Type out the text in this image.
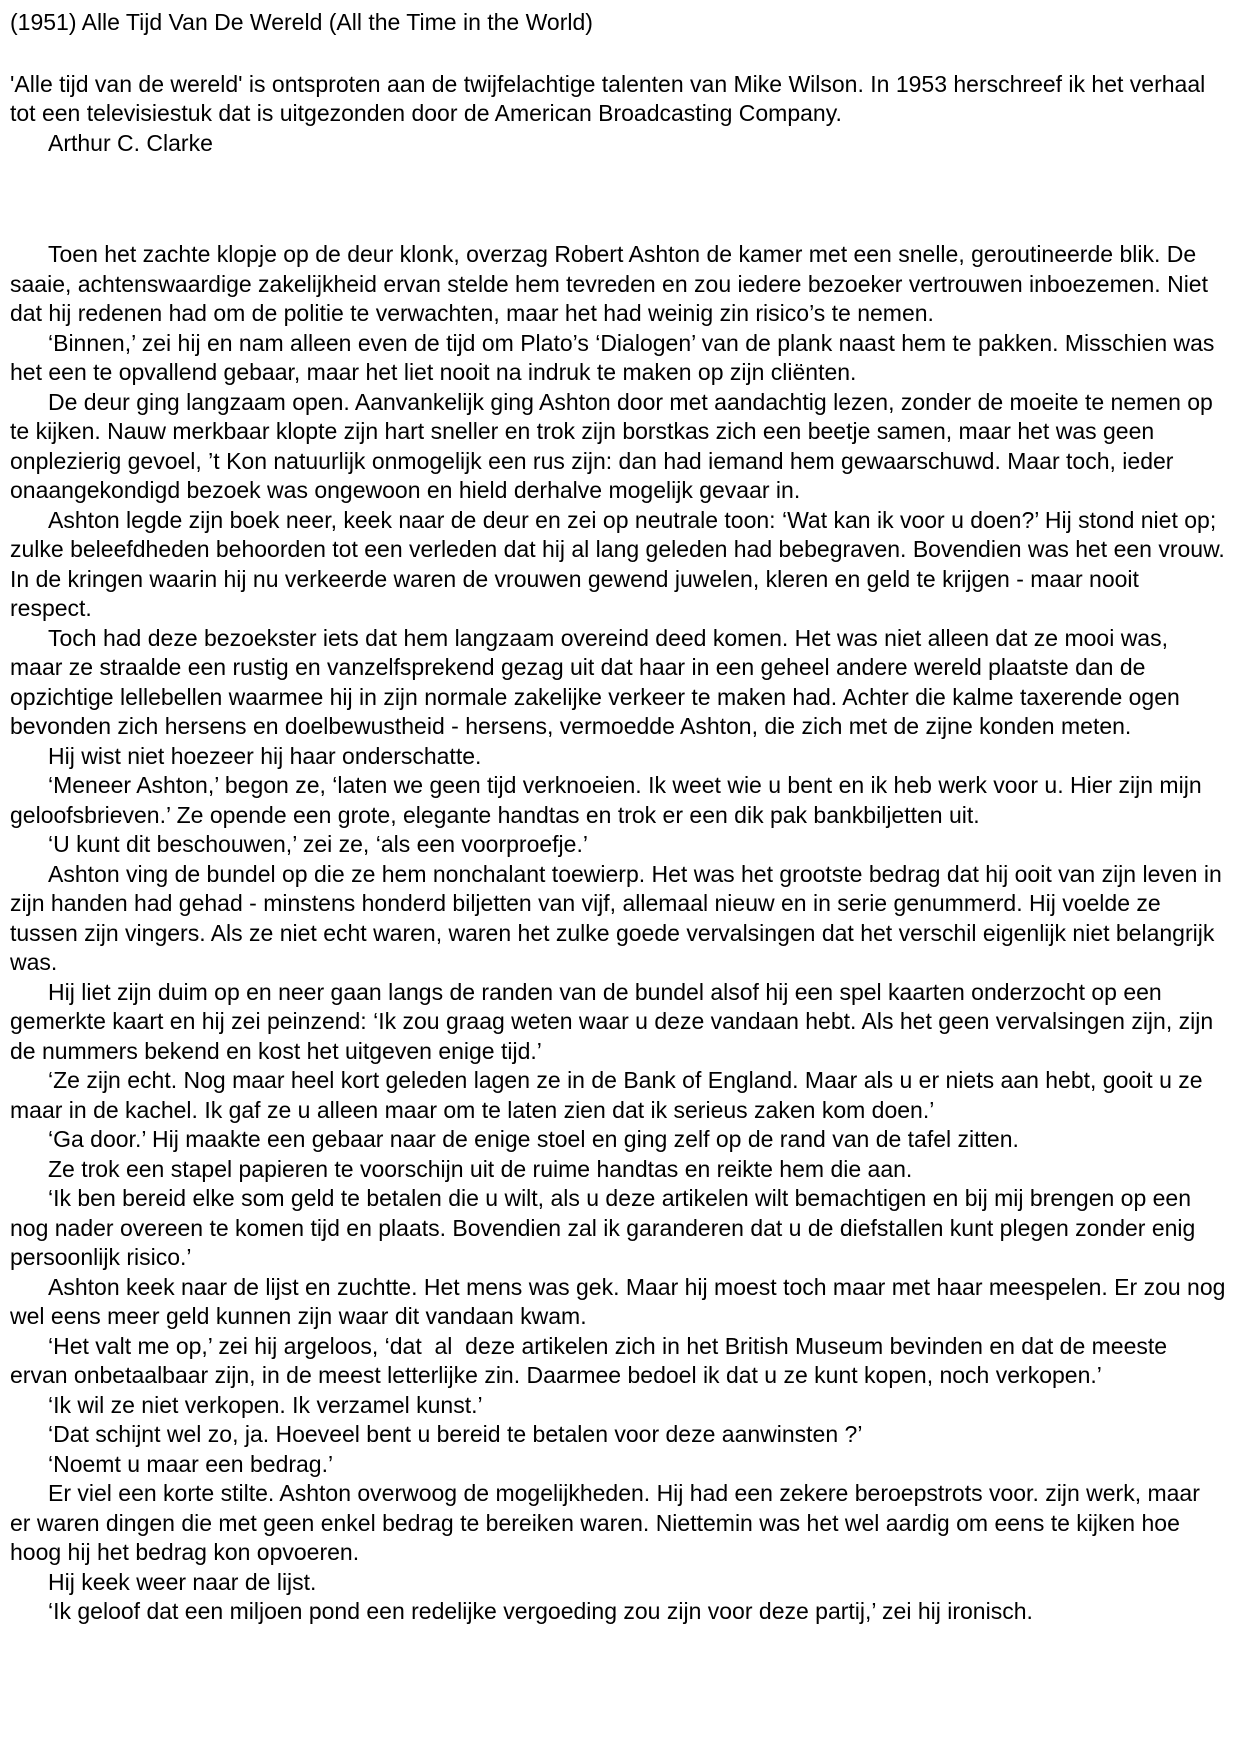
(1951) Alle Tijd Van De Wereld (All the Time in the World)

'Alle tijd van de wereld' is ontsproten aan de twijfelachtige talenten van Mike Wilson. In 1953 herschreef ik het verhaal tot een televisiestuk dat is uitgezonden door de American Broadcasting Company.

Arthur C. Clarke

Toen het zachte klopje op de deur klonk, overzag Robert Ashton de kamer met een snelle, geroutineerde blik. De saaie, achtenswaardige zakelijkheid ervan stelde hem tevreden en zou iedere bezoeker vertrouwen inboezemen. Niet dat hij redenen had om de politie te verwachten, maar het had weinig zin risico’s te nemen.

‘Binnen,’ zei hij en nam alleen even de tijd om Plato’s ‘Dialogen’ van de plank naast hem te pakken. Misschien was het een te opvallend gebaar, maar het liet nooit na indruk te maken op zijn cliënten.

De deur ging langzaam open. Aanvankelijk ging Ashton door met aandachtig lezen, zonder de moeite te nemen op te kijken. Nauw merkbaar klopte zijn hart sneller en trok zijn borstkas zich een beetje samen, maar het was geen onplezierig gevoel, ’t Kon natuurlijk onmogelijk een rus zijn: dan had iemand hem gewaarschuwd. Maar toch, ieder onaangekondigd bezoek was ongewoon en hield derhalve mogelijk gevaar in.

Ashton legde zijn boek neer, keek naar de deur en zei op neutrale toon: ‘Wat kan ik voor u doen?’ Hij stond niet op; zulke beleefdheden behoorden tot een verleden dat hij al lang geleden had bebegraven. Bovendien was het een vrouw. In de kringen waarin hij nu verkeerde waren de vrouwen gewend juwelen, kleren en geld te krijgen - maar nooit respect.

Toch had deze bezoekster iets dat hem langzaam overeind deed komen. Het was niet alleen dat ze mooi was, maar ze straalde een rustig en vanzelfsprekend gezag uit dat haar in een geheel andere wereld plaatste dan de opzichtige lellebellen waarmee hij in zijn normale zakelijke verkeer te maken had. Achter die kalme taxerende ogen bevonden zich hersens en doelbewustheid - hersens, vermoedde Ashton, die zich met de zijne konden meten.

Hij wist niet hoezeer hij haar onderschatte.

‘Meneer Ashton,’ begon ze, ‘laten we geen tijd verknoeien. Ik weet wie u bent en ik heb werk voor u. Hier zijn mijn geloofsbrieven.’ Ze opende een grote, elegante handtas en trok er een dik pak bankbiljetten uit.

‘U kunt dit beschouwen,’ zei ze, ‘als een voorproefje.’

Ashton ving de bundel op die ze hem nonchalant toewierp. Het was het grootste bedrag dat hij ooit van zijn leven in zijn handen had gehad - minstens honderd biljetten van vijf, allemaal nieuw en in serie genummerd. Hij voelde ze tussen zijn vingers. Als ze niet echt waren, waren het zulke goede vervalsingen dat het verschil eigenlijk niet belangrijk was.

Hij liet zijn duim op en neer gaan langs de randen van de bundel alsof hij een spel kaarten onderzocht op een gemerkte kaart en hij zei peinzend: ‘Ik zou graag weten waar u deze vandaan hebt. Als het geen vervalsingen zijn, zijn de nummers bekend en kost het uitgeven enige tijd.’

‘Ze zijn echt. Nog maar heel kort geleden lagen ze in de Bank of England. Maar als u er niets aan hebt, gooit u ze maar in de kachel. Ik gaf ze u alleen maar om te laten zien dat ik serieus zaken kom doen.’

‘Ga door.’ Hij maakte een gebaar naar de enige stoel en ging zelf op de rand van de tafel zitten.

Ze trok een stapel papieren te voorschijn uit de ruime handtas en reikte hem die aan.

‘Ik ben bereid elke som geld te betalen die u wilt, als u deze artikelen wilt bemachtigen en bij mij brengen op een nog nader overeen te komen tijd en plaats. Bovendien zal ik garanderen dat u de diefstallen kunt plegen zonder enig persoonlijk risico.’

Ashton keek naar de lijst en zuchtte. Het mens was gek. Maar hij moest toch maar met haar meespelen. Er zou nog wel eens meer geld kunnen zijn waar dit vandaan kwam.

‘Het valt me op,’ zei hij argeloos, ‘dat  al  deze artikelen zich in het British Museum bevinden en dat de meeste ervan onbetaalbaar zijn, in de meest letterlijke zin. Daarmee bedoel ik dat u ze kunt kopen, noch verkopen.’

‘Ik wil ze niet verkopen. Ik verzamel kunst.’

‘Dat schijnt wel zo, ja. Hoeveel bent u bereid te betalen voor deze aanwinsten ?’

‘Noemt u maar een bedrag.’

Er viel een korte stilte. Ashton overwoog de mogelijkheden. Hij had een zekere beroepstrots voor. zijn werk, maar er waren dingen die met geen enkel bedrag te bereiken waren. Niettemin was het wel aardig om eens te kijken hoe hoog hij het bedrag kon opvoeren.

Hij keek weer naar de lijst.

‘Ik geloof dat een miljoen pond een redelijke vergoeding zou zijn voor deze partij,’ zei hij ironisch.
